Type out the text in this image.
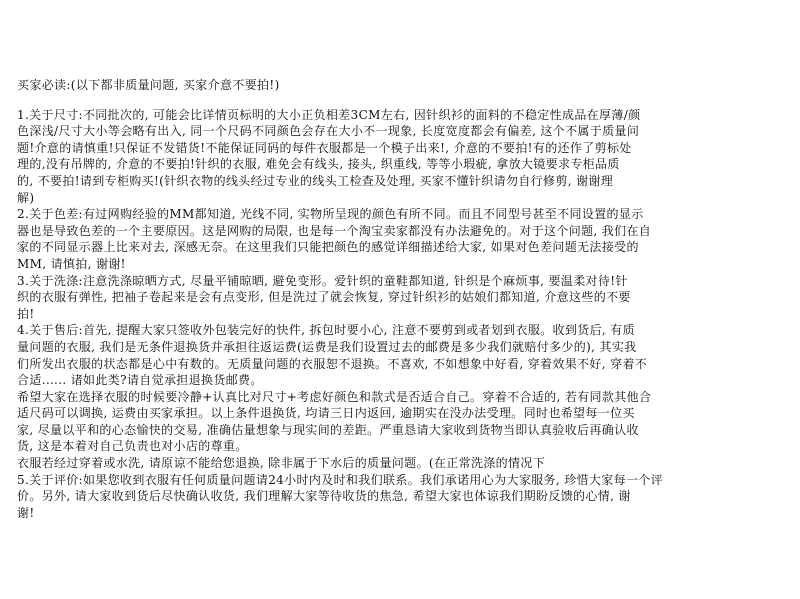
买家必读:(以下都非质量问题, 买家介意不要拍!)
1.关于尺寸:不同批次的, 可能会比详情页标明的大小正负相差3CM左右, 因针织衫的面料的不稳定性成品在厚薄/颜
色深浅/尺寸大小等会略有出入, 同一个尺码不同颜色会存在大小不一现象, 长度宽度都会有偏差, 这个不属于质量问
题!介意的请慎重!只保证不发错货!不能保证同码的每件衣服都是一个模子出来!, 介意的不要拍!有的还作了剪标处
理的,没有吊牌的, 介意的不要拍!针织的衣服, 难免会有线头, 接头, 织重线, 等等小瑕疵, 拿放大镜要求专柜品质
的, 不要拍!请到专柜购买!(针织衣物的线头经过专业的线头工检查及处理, 买家不懂针织请勿自行修剪, 谢谢理
解)
2.关于色差:有过网购经验的MM都知道, 光线不同, 实物所呈现的颜色有所不同。而且不同型号甚至不同设置的显示
器也是导致色差的一个主要原因。这是网购的局限, 也是每一个淘宝卖家都没有办法避免的。对于这个问题, 我们在自
家的不同显示器上比来对去, 深感无奈。在这里我们只能把颜色的感觉详细描述给大家, 如果对色差问题无法接受的
MM, 请慎拍, 谢谢!
3.关于洗涤:注意洗涤晾晒方式, 尽量平铺晾晒, 避免变形。爱针织的童鞋都知道, 针织是个麻烦事, 要温柔对待!针
织的衣服有弹性, 把袖子卷起来是会有点变形, 但是洗过了就会恢复, 穿过针织衫的姑娘们都知道, 介意这些的不要
拍!
4.关于售后:首先, 提醒大家只签收外包装完好的快件, 拆包时要小心, 注意不要剪到或者划到衣服。收到货后, 有质
量问题的衣服, 我们是无条件退换货并承担往返运费(运费是我们设置过去的邮费是多少我们就赔付多少的), 其实我
们所发出衣服的状态都是心中有数的。无质量问题的衣服恕不退换。不喜欢, 不如想象中好看, 穿着效果不好, 穿着不
合适.….. 诸如此类?请自觉承担退换货邮费。
希望大家在选择衣服的时候要冷静+认真比对尺寸+考虑好颜色和款式是否适合自己。穿着不合适的, 若有同款其他合
适尺码可以调换, 运费由买家承担。以上条件退换货, 均请三日内返回, 逾期实在没办法受理。同时也希望每一位买
家, 尽量以平和的心态愉快的交易, 准确估量想象与现实间的差距。严重恳请大家收到货物当即认真验收后再确认收
货, 这是本着对自己负责也对小店的尊重。
衣服若经过穿着或水洗, 请原谅不能给您退换, 除非属于下水后的质量问题。(在正常洗涤的情况下
5.关于评价:如果您收到衣服有任何质量问题请24小时内及时和我们联系。我们承诺用心为大家服务, 珍惜大家每一个评
价。另外, 请大家收到货后尽快确认收货, 我们理解大家等待收货的焦急, 希望大家也体谅我们期盼反馈的心情, 谢
谢!
